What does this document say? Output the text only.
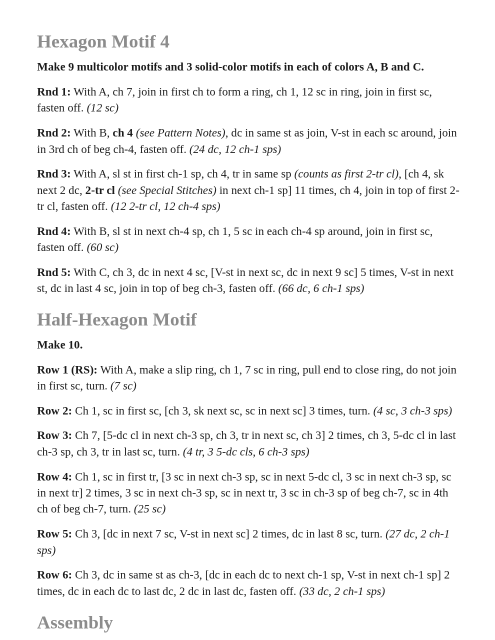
Hexagon Motif 4

Make 9 multicolor motifs and 3 solid-color motifs in each of colors A, B and C.

Rnd 1: With A, ch 7, join in first ch to form a ring, ch 1, 12 sc in ring, join in first sc, fasten off. (12 sc)

Rnd 2: With B, ch 4 (see Pattern Notes), dc in same st as join, V-st in each sc around, join in 3rd ch of beg ch-4, fasten off. (24 dc, 12 ch-1 sps)

Rnd 3: With A, sl st in first ch-1 sp, ch 4, tr in same sp (counts as first 2-tr cl), [ch 4, sk next 2 dc, 2-tr cl (see Special Stitches) in next ch-1 sp] 11 times, ch 4, join in top of first 2-tr cl, fasten off. (12 2-tr cl, 12 ch-4 sps)

Rnd 4: With B, sl st in next ch-4 sp, ch 1, 5 sc in each ch-4 sp around, join in first sc, fasten off. (60 sc)

Rnd 5: With C, ch 3, dc in next 4 sc, [V-st in next sc, dc in next 9 sc] 5 times, V-st in next st, dc in last 4 sc, join in top of beg ch-3, fasten off. (66 dc, 6 ch-1 sps)

Half-Hexagon Motif

Make 10.

Row 1 (RS): With A, make a slip ring, ch 1, 7 sc in ring, pull end to close ring, do not join in first sc, turn. (7 sc)

Row 2: Ch 1, sc in first sc, [ch 3, sk next sc, sc in next sc] 3 times, turn. (4 sc, 3 ch-3 sps)

Row 3: Ch 7, [5-dc cl in next ch-3 sp, ch 3, tr in next sc, ch 3] 2 times, ch 3, 5-dc cl in last ch-3 sp, ch 3, tr in last sc, turn. (4 tr, 3 5-dc cls, 6 ch-3 sps)

Row 4: Ch 1, sc in first tr, [3 sc in next ch-3 sp, sc in next 5-dc cl, 3 sc in next ch-3 sp, sc in next tr] 2 times, 3 sc in next ch-3 sp, sc in next tr, 3 sc in ch-3 sp of beg ch-7, sc in 4th ch of beg ch-7, turn. (25 sc)

Row 5: Ch 3, [dc in next 7 sc, V-st in next sc] 2 times, dc in last 8 sc, turn. (27 dc, 2 ch-1 sps)

Row 6: Ch 3, dc in same st as ch-3, [dc in each dc to next ch-1 sp, V-st in next ch-1 sp] 2 times, dc in each dc to last dc, 2 dc in last dc, fasten off. (33 dc, 2 ch-1 sps)

Assembly
